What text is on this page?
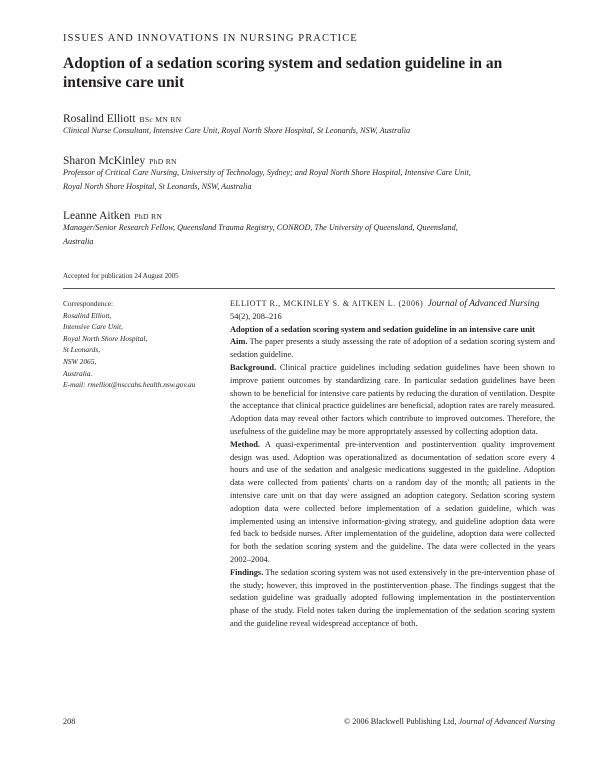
ISSUES AND INNOVATIONS IN NURSING PRACTICE
Adoption of a sedation scoring system and sedation guideline in an intensive care unit
Rosalind Elliott BSc MN RN
Clinical Nurse Consultant, Intensive Care Unit, Royal North Shore Hospital, St Leonards, NSW, Australia
Sharon McKinley PhD RN
Professor of Critical Care Nursing, University of Technology, Sydney; and Royal North Shore Hospital, Intensive Care Unit,
Royal North Shore Hospital, St Leonards, NSW, Australia
Leanne Aitken PhD RN
Manager/Senior Research Fellow, Queensland Trauma Registry, CONROD, The University of Queensland, Queensland,
Australia
Accepted for publication 24 August 2005
Correspondence:
Rosalind Elliott,
Intensive Care Unit,
Royal North Shore Hospital,
St Leonards,
NSW 2065,
Australia.
E-mail: rmelliot@nsccahs.health.nsw.gov.au

ELLIOTT R., MCKINLEY S. & AITKEN L. (2006) Journal of Advanced Nursing
54(2), 208–216

Adoption of a sedation scoring system and sedation guideline in an intensive care unit

Aim. The paper presents a study assessing the rate of adoption of a sedation scoring system and sedation guideline.

Background. Clinical practice guidelines including sedation guidelines have been shown to improve patient outcomes by standardizing care. In particular sedation guidelines have been shown to be beneficial for intensive care patients by reducing the duration of ventilation. Despite the acceptance that clinical practice guidelines are beneficial, adoption rates are rarely measured. Adoption data may reveal other factors which contribute to improved outcomes. Therefore, the usefulness of the guideline may be more appropriately assessed by collecting adoption data.

Method. A quasi-experimental pre-intervention and postintervention quality improvement design was used. Adoption was operationalized as documentation of sedation score every 4 hours and use of the sedation and analgesic medications suggested in the guideline. Adoption data were collected from patients' charts on a random day of the month; all patients in the intensive care unit on that day were assigned an adoption category. Sedation scoring system adoption data were collected before implementation of a sedation guideline, which was implemented using an intensive information-giving strategy, and guideline adoption data were fed back to bedside nurses. After implementation of the guideline, adoption data were collected for both the sedation scoring system and the guideline. The data were collected in the years 2002–2004.

Findings. The sedation scoring system was not used extensively in the pre-intervention phase of the study; however, this improved in the postintervention phase. The findings suggest that the sedation guideline was gradually adopted following implementation in the postintervention phase of the study. Field notes taken during the implementation of the sedation scoring system and the guideline reveal widespread acceptance of both.

208	© 2006 Blackwell Publishing Ltd, Journal of Advanced Nursing
